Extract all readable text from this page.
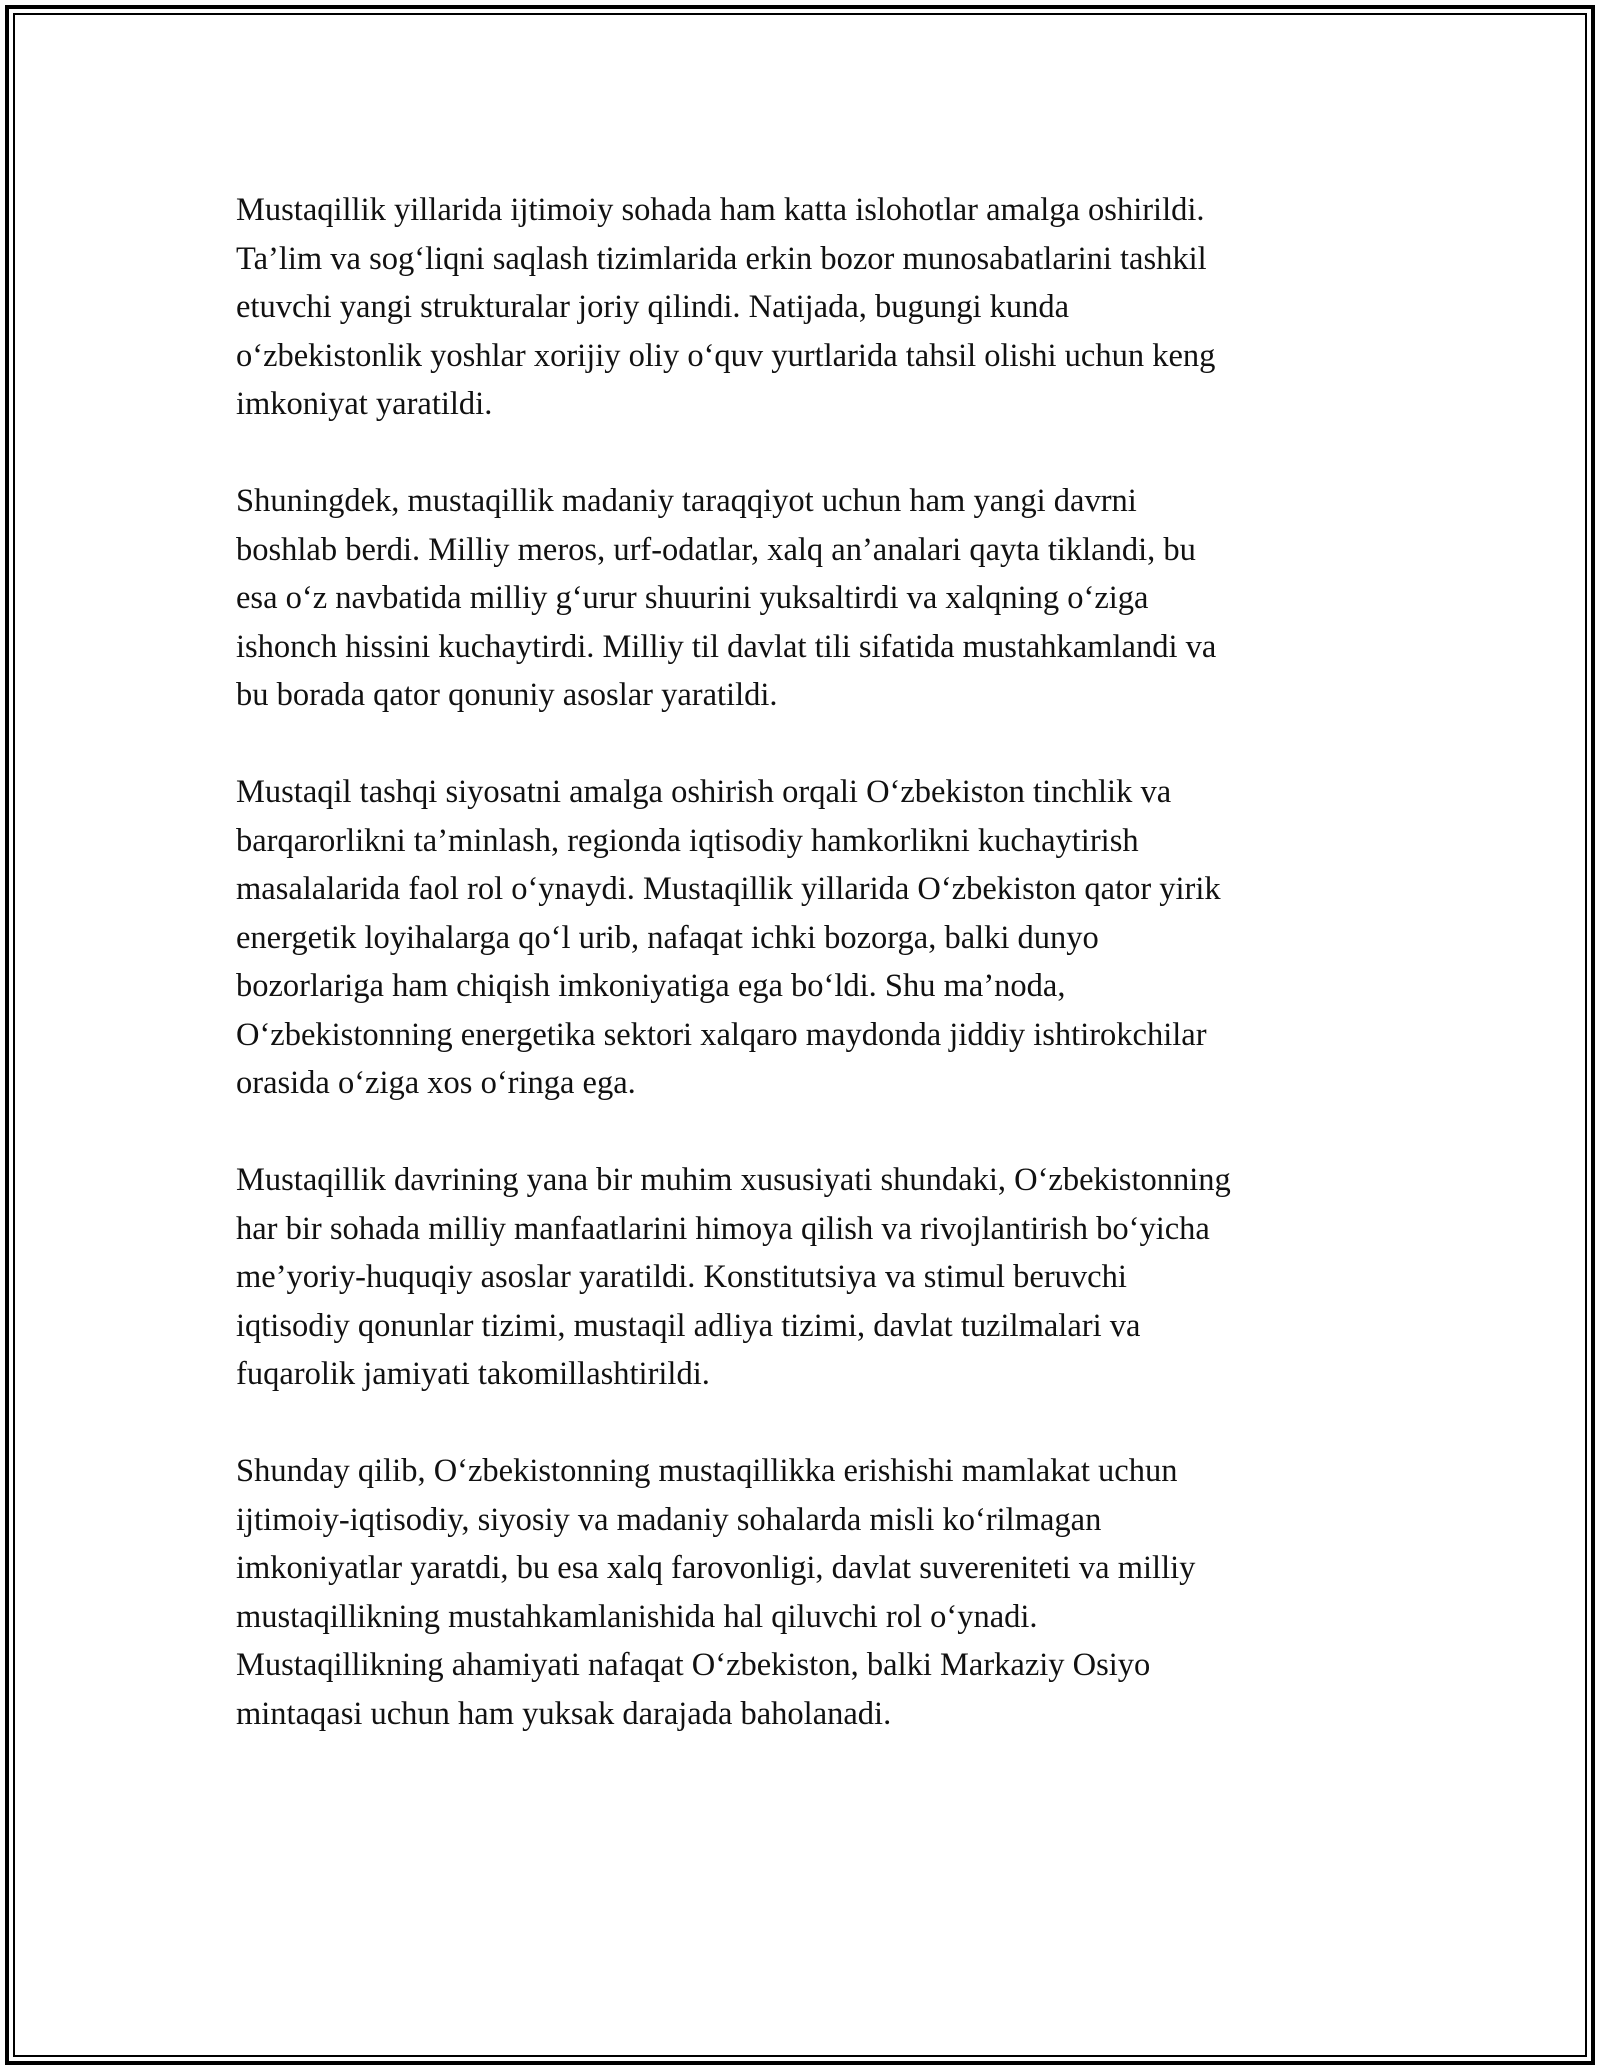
Mustaqillik yillarida ijtimoiy sohada ham katta islohotlar amalga oshirildi.
Ta’lim va sog‘liqni saqlash tizimlarida erkin bozor munosabatlarini tashkil
etuvchi yangi strukturalar joriy qilindi. Natijada, bugungi kunda
o‘zbekistonlik yoshlar xorijiy oliy o‘quv yurtlarida tahsil olishi uchun keng
imkoniyat yaratildi.

Shuningdek, mustaqillik madaniy taraqqiyot uchun ham yangi davrni
boshlab berdi. Milliy meros, urf-odatlar, xalq an’analari qayta tiklandi, bu
esa o‘z navbatida milliy g‘urur shuurini yuksaltirdi va xalqning o‘ziga
ishonch hissini kuchaytirdi. Milliy til davlat tili sifatida mustahkamlandi va
bu borada qator qonuniy asoslar yaratildi.

Mustaqil tashqi siyosatni amalga oshirish orqali O‘zbekiston tinchlik va
barqarorlikni ta’minlash, regionda iqtisodiy hamkorlikni kuchaytirish
masalalarida faol rol o‘ynaydi. Mustaqillik yillarida O‘zbekiston qator yirik
energetik loyihalarga qo‘l urib, nafaqat ichki bozorga, balki dunyo
bozorlariga ham chiqish imkoniyatiga ega bo‘ldi. Shu ma’noda,
O‘zbekistonning energetika sektori xalqaro maydonda jiddiy ishtirokchilar
orasida o‘ziga xos o‘ringa ega.

Mustaqillik davrining yana bir muhim xususiyati shundaki, O‘zbekistonning
har bir sohada milliy manfaatlarini himoya qilish va rivojlantirish bo‘yicha
me’yoriy-huquqiy asoslar yaratildi. Konstitutsiya va stimul beruvchi
iqtisodiy qonunlar tizimi, mustaqil adliya tizimi, davlat tuzilmalari va
fuqarolik jamiyati takomillashtirildi.

Shunday qilib, O‘zbekistonning mustaqillikka erishishi mamlakat uchun
ijtimoiy-iqtisodiy, siyosiy va madaniy sohalarda misli ko‘rilmagan
imkoniyatlar yaratdi, bu esa xalq farovonligi, davlat suvereniteti va milliy
mustaqillikning mustahkamlanishida hal qiluvchi rol o‘ynadi.
Mustaqillikning ahamiyati nafaqat O‘zbekiston, balki Markaziy Osiyo
mintaqasi uchun ham yuksak darajada baholanadi.
